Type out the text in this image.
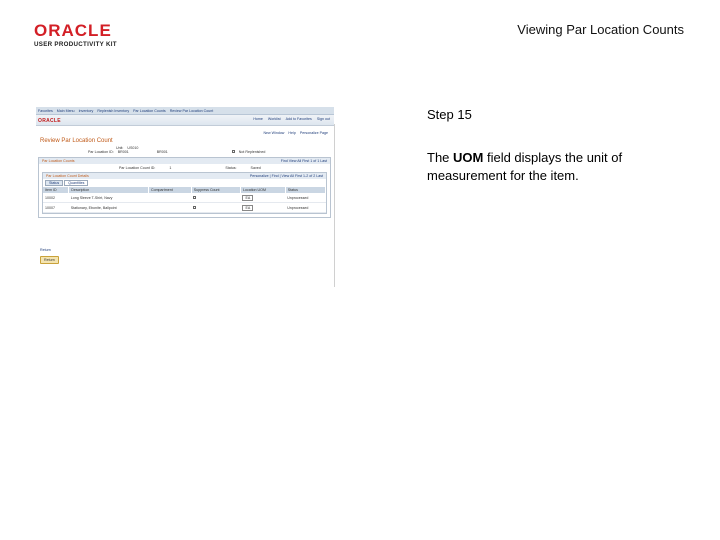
ORACLE
USER PRODUCTIVITY KIT
Viewing Par Location Counts
Step 15
The UOM field displays the unit of measurement for the item.
Favorites Main Menu Inventory Replenish Inventory Par Location Counts Review Par Location Count
ORACLE	Home Worklist Add to Favorites Sign out
New Window Help Personalize Page
Review Par Location Count
Unit: US010
Par Location ID: BR001	BR001	Not Replenished
Par Location Counts	Find View All First 1 of 1 Last
Par Location Count ID:	1	Status:	Saved
Par Location Count Details	Personalize | Find | View All First 1-2 of 2 Last
Status	Quantities
Item ID	Description	Compartment	Suppress Count	Location UOM	Status
10002	Long Sleeve T-Shirt, Navy			EA	Unprocessed
10007	Stationary, Ebonite, Ballpoint			EA	Unprocessed
Return
Return
